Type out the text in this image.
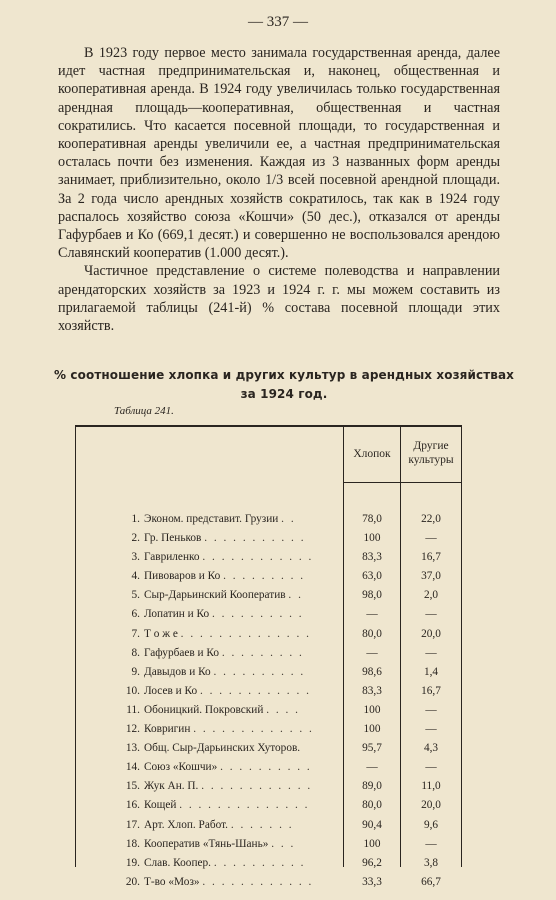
— 337 —

В 1923 году первое место занимала государственная аренда, далее идет частная предпринимательская и, наконец, общественная и кооперативная аренда. В 1924 году увеличилась только государственная арендная площадь—кооперативная, общественная и частная сократились. Что касается посевной площади, то государственная и кооперативная аренды увеличили ее, а частная предпринимательская осталась почти без изменения. Каждая из 3 названных форм аренды занимает, приблизительно, около 1/3 всей посевной арендной площади. За 2 года число арендных хозяйств сократилось, так как в 1924 году распалось хозяйство союза «Кошчи» (50 дес.), отказался от аренды Гафурбаев и Ко (669,1 десят.) и совершенно не воспользовался арендою Славянский кооператив (1.000 десят.).

Частичное представление о системе полеводства и направлении арендаторских хозяйств за 1923 и 1924 г. г. мы можем составить из прилагаемой таблицы (241-й) % состава посевной площади этих хозяйств.

% соотношение хлопка и других культур в арендных хозяйствах
за 1924 год.
Таблица 241.
Хлопок
Другие
культуры
1. Эконом. представит. Грузии . .	78,0	22,0
2. Гр. Пеньков . . . . . . . . . . .	100	—
3. Гавриленко . . . . . . . . . . . .	83,3	16,7
4. Пивоваров и Ко . . . . . . . . .	63,0	37,0
5. Сыр-Дарьинский Кооператив . .	98,0	2,0
6. Лопатин и Ко . . . . . . . . . .	—	—
7. Т о ж е . . . . . . . . . . . . . .	80,0	20,0
8. Гафурбаев и Ко . . . . . . . . .	—	—
9. Давыдов и Ко . . . . . . . . . .	98,6	1,4
10. Лосев и Ко . . . . . . . . . . . .	83,3	16,7
11. Обоницкий. Покровский . . . .	100	—
12. Ковригин . . . . . . . . . . . . .	100	—
13. Общ. Сыр-Дарьинских Хуторов.	95,7	4,3
14. Союз «Кошчи» . . . . . . . . . .	—	—
15. Жук Ан. П. . . . . . . . . . . . .	89,0	11,0
16. Кощей . . . . . . . . . . . . . .	80,0	20,0
17. Арт. Хлоп. Работ. . . . . . . .	90,4	9,6
18. Кооператив «Тянь-Шань» . . .	100	—
19. Слав. Коопер. . . . . . . . . . .	96,2	3,8
20. Т-во «Моз» . . . . . . . . . . . .	33,3	66,7
